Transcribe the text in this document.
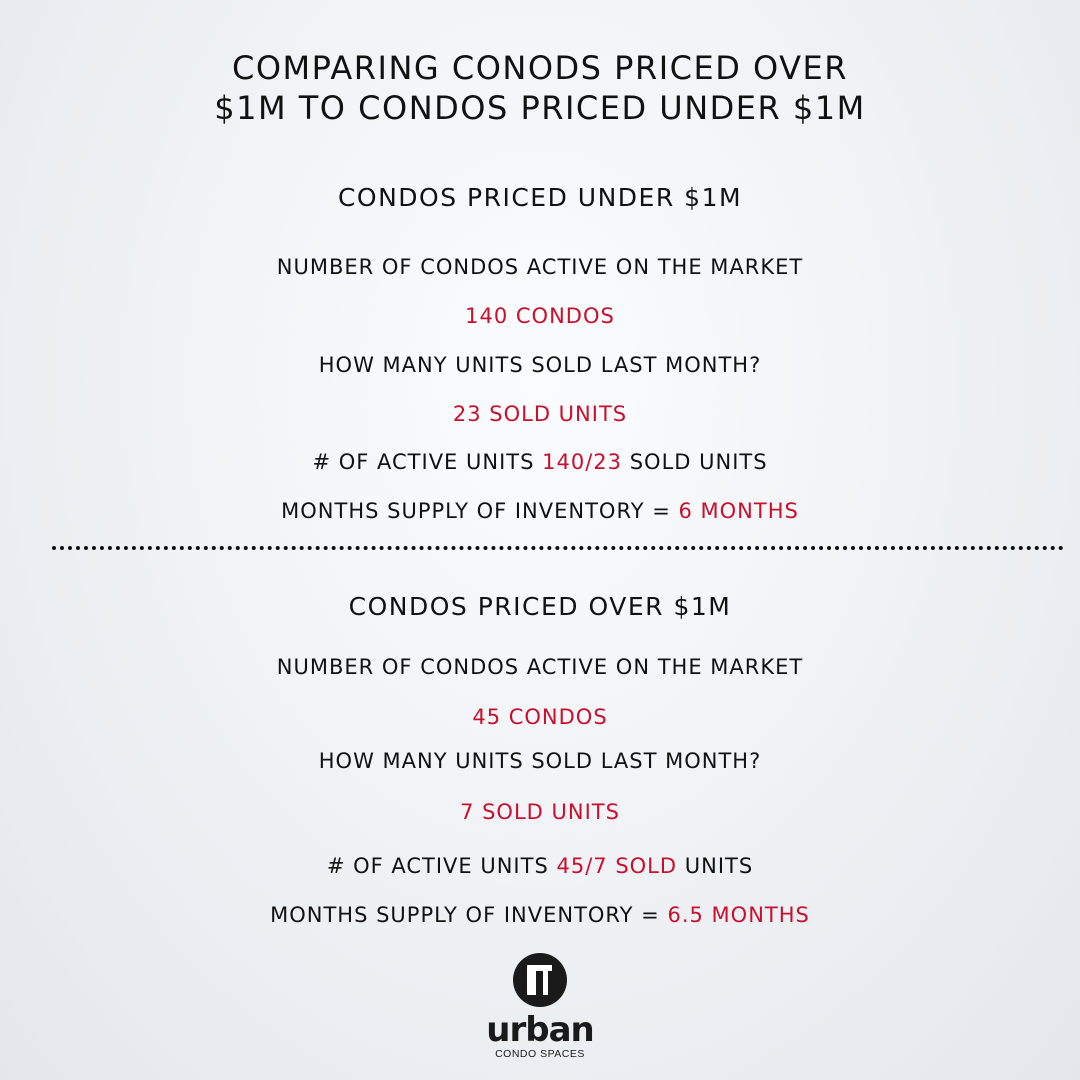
COMPARING CONODS PRICED OVER
$1M TO CONDOS PRICED UNDER $1M
CONDOS PRICED UNDER $1M
NUMBER OF CONDOS ACTIVE ON THE MARKET
140 CONDOS
HOW MANY UNITS SOLD LAST MONTH?
23 SOLD UNITS
# OF ACTIVE UNITS 140/23 SOLD UNITS
MONTHS SUPPLY OF INVENTORY = 6 MONTHS
CONDOS PRICED OVER $1M
NUMBER OF CONDOS ACTIVE ON THE MARKET
45 CONDOS
HOW MANY UNITS SOLD LAST MONTH?
7 SOLD UNITS
# OF ACTIVE UNITS 45/7 SOLD UNITS
MONTHS SUPPLY OF INVENTORY = 6.5 MONTHS
urban
CONDO SPACES
